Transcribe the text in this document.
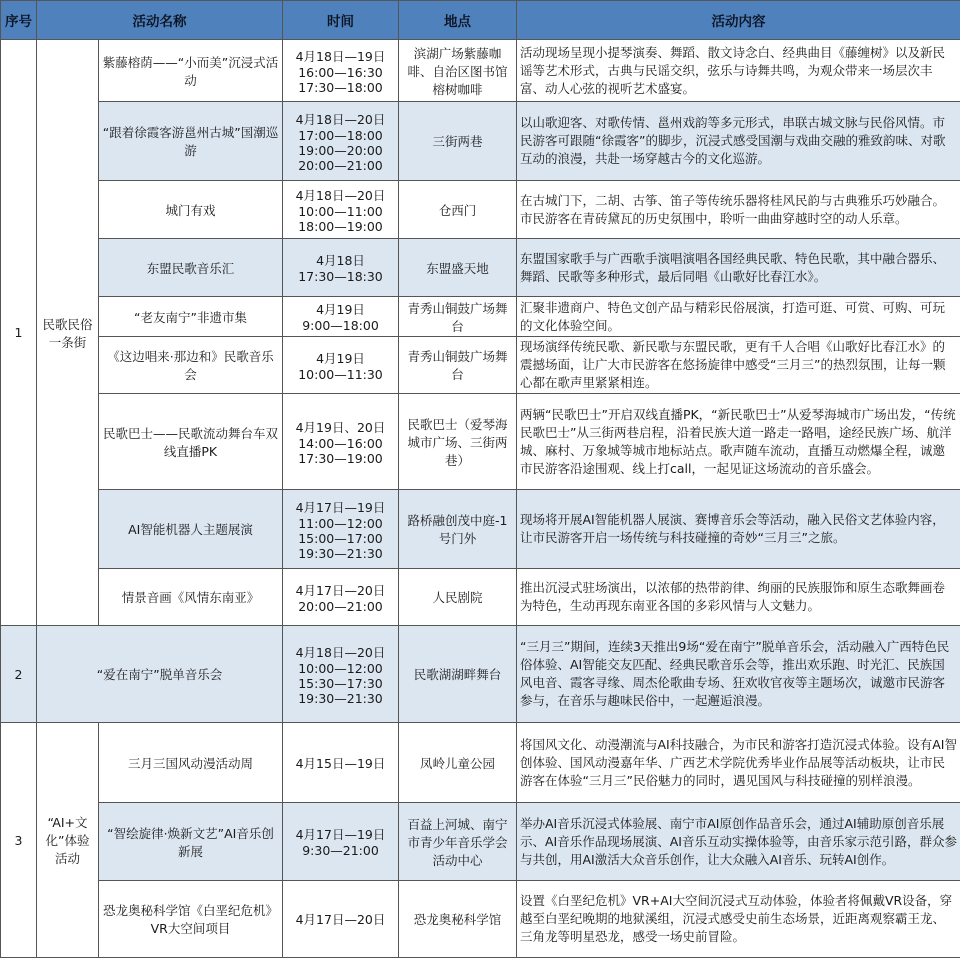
序号	活动名称		时间	地点	活动内容
1	民歌民俗一条街	紫藤榕荫——“小而美”沉浸式活动	4月18日—19日
16:00—16:30
17:30—18:00	滨湖广场紫藤咖啡、自治区图书馆榕树咖啡	活动现场呈现小提琴演奏、舞蹈、散文诗念白、经典曲目《藤缠树》以及新民谣等艺术形式，古典与民谣交织，弦乐与诗舞共鸣，为观众带来一场层次丰富、动人心弦的视听艺术盛宴。
		“跟着徐霞客游邕州古城”国潮巡游	4月18日—20日
17:00—18:00
19:00—20:00
20:00—21:00	三街两巷	以山歌迎客、对歌传情、邕州戏韵等多元形式，串联古城文脉与民俗风情。市民游客可跟随“徐霞客”的脚步，沉浸式感受国潮与戏曲交融的雅致韵味、对歌互动的浪漫，共赴一场穿越古今的文化巡游。
		城门有戏	4月18日—20日
10:00—11:00
18:00—19:00	仓西门	在古城门下，二胡、古筝、笛子等传统乐器将桂风民韵与古典雅乐巧妙融合。市民游客在青砖黛瓦的历史氛围中，聆听一曲曲穿越时空的动人乐章。
		东盟民歌音乐汇	4月18日
17:30—18:30	东盟盛天地	东盟国家歌手与广西歌手演唱演唱各国经典民歌、特色民歌，其中融合器乐、舞蹈、民歌等多种形式，最后同唱《山歌好比春江水》。
		“老友南宁”非遗市集	4月19日
9:00—18:00	青秀山铜鼓广场舞台	汇聚非遗商户、特色文创产品与精彩民俗展演，打造可逛、可赏、可购、可玩的文化体验空间。
		《这边唱来·那边和》民歌音乐会	4月19日
10:00—11:30	青秀山铜鼓广场舞台	现场演绎传统民歌、新民歌与东盟民歌，更有千人合唱《山歌好比春江水》的震撼场面，让广大市民游客在悠扬旋律中感受“三月三”的热烈氛围，让每一颗心都在歌声里紧紧相连。
		民歌巴士——民歌流动舞台车双线直播PK	4月19日、20日
14:00—16:00
17:30—19:00	民歌巴士（爱琴海城市广场、三街两巷）	两辆“民歌巴士”开启双线直播PK，“新民歌巴士”从爱琴海城市广场出发，“传统民歌巴士”从三街两巷启程，沿着民族大道一路走一路唱，途经民族广场、航洋城、麻村、万象城等城市地标站点。歌声随车流动，直播互动燃爆全程，诚邀市民游客沿途围观、线上打call，一起见证这场流动的音乐盛会。
		AI智能机器人主题展演	4月17日—19日
11:00—12:00
15:00—17:00
19:30—21:30	路桥融创茂中庭-1号门外	现场将开展AI智能机器人展演、赛博音乐会等活动，融入民俗文艺体验内容，让市民游客开启一场传统与科技碰撞的奇妙“三月三”之旅。
		情景音画《风情东南亚》	4月17日—20日
20:00—21:00	人民剧院	推出沉浸式驻场演出，以浓郁的热带韵律、绚丽的民族服饰和原生态歌舞画卷为特色，生动再现东南亚各国的多彩风情与人文魅力。
2	“爱在南宁”脱单音乐会		4月18日—20日
10:00—12:00
15:30—17:30
19:30—21:30	民歌湖湖畔舞台	“三月三”期间，连续3天推出9场“爱在南宁”脱单音乐会，活动融入广西特色民俗体验、AI智能交友匹配、经典民歌音乐会等，推出欢乐跑、时光汇、民族国风电音、霞客寻缘、周杰伦歌曲专场、狂欢收官夜等主题场次，诚邀市民游客参与，在音乐与趣味民俗中，一起邂逅浪漫。
3	“AI+文化”体验活动	三月三国风动漫活动周	4月15日—19日	凤岭儿童公园	将国风文化、动漫潮流与AI科技融合，为市民和游客打造沉浸式体验。设有AI智创体验、国风动漫嘉年华、广西艺术学院优秀毕业作品展等活动板块，让市民游客在体验“三月三”民俗魅力的同时，遇见国风与科技碰撞的别样浪漫。
		“智绘旋律·焕新文艺”AI音乐创新展	4月17日—19日
9:30—21:00	百益上河城、南宁市青少年音乐学会活动中心	举办AI音乐沉浸式体验展、南宁市AI原创作品音乐会，通过AI辅助原创音乐展示、AI音乐作品现场展演、AI音乐互动实操体验等，由音乐家示范引路，群众参与共创，用AI激活大众音乐创作，让大众融入AI音乐、玩转AI创作。
		恐龙奥秘科学馆《白垩纪危机》VR大空间项目	4月17日—20日	恐龙奥秘科学馆	设置《白垩纪危机》VR+AI大空间沉浸式互动体验，体验者将佩戴VR设备，穿越至白垩纪晚期的地狱溪组，沉浸式感受史前生态场景，近距离观察霸王龙、三角龙等明星恐龙，感受一场史前冒险。
